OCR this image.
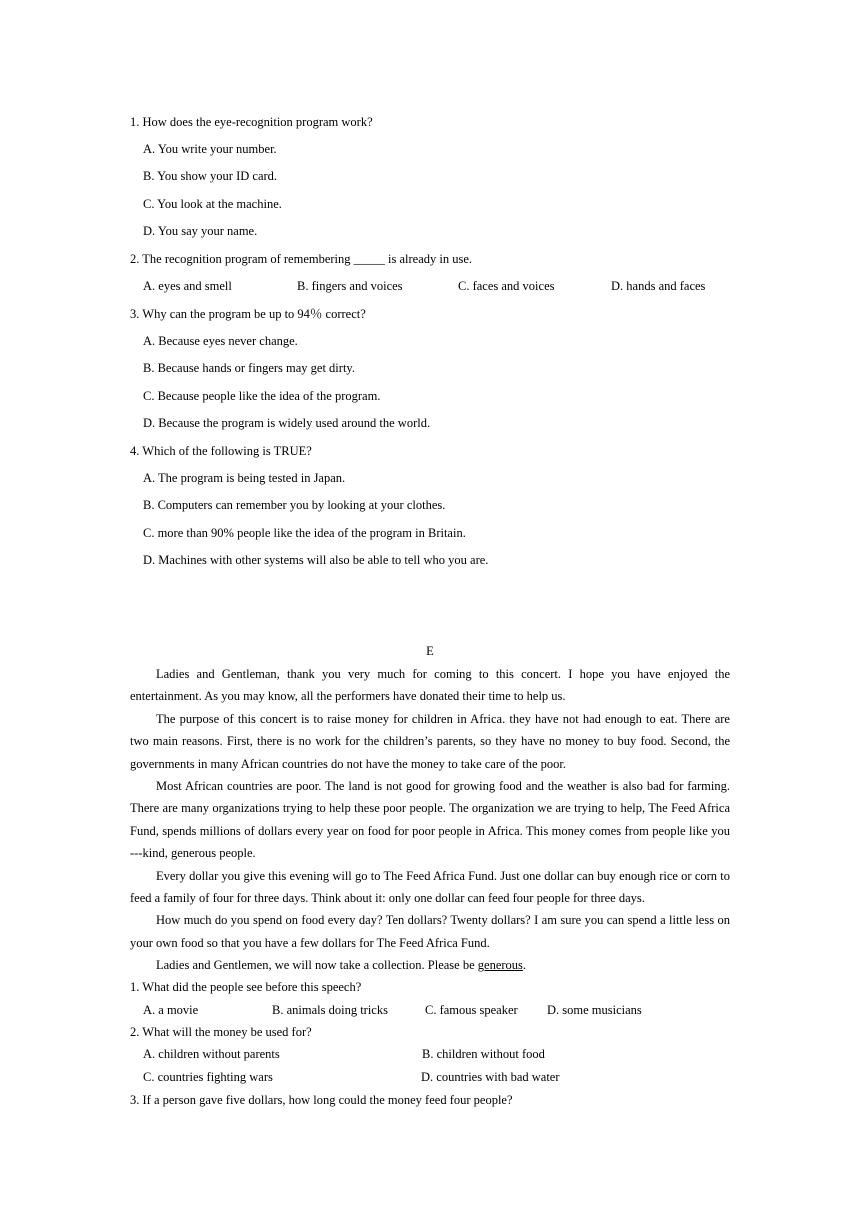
1. How does the eye-recognition program work?
A. You write your number.
B. You show your ID card.
C. You look at the machine.
D. You say your name.
2. The recognition program of remembering _____ is already in use.
A. eyes and smell	B. fingers and voices	C. faces and voices	D. hands and faces
3. Why can the program be up to 94％ correct?
A. Because eyes never change.
B. Because hands or fingers may get dirty.
C. Because people like the idea of the program.
D. Because the program is widely used around the world.
4. Which of the following is TRUE?
A. The program is being tested in Japan.
B. Computers can remember you by looking at your clothes.
C. more than 90% people like the idea of the program in Britain.
D. Machines with other systems will also be able to tell who you are.
E

Ladies and Gentleman, thank you very much for coming to this concert. I hope you have enjoyed the entertainment. As you may know, all the performers have donated their time to help us.

The purpose of this concert is to raise money for children in Africa. they have not had enough to eat. There are two main reasons. First, there is no work for the children’s parents, so they have no money to buy food. Second, the governments in many African countries do not have the money to take care of the poor.

Most African countries are poor. The land is not good for growing food and the weather is also bad for farming. There are many organizations trying to help these poor people. The organization we are trying to help, The Feed Africa Fund, spends millions of dollars every year on food for poor people in Africa. This money comes from people like you ---kind, generous people.

Every dollar you give this evening will go to The Feed Africa Fund. Just one dollar can buy enough rice or corn to feed a family of four for three days. Think about it: only one dollar can feed four people for three days.

How much do you spend on food every day? Ten dollars? Twenty dollars? I am sure you can spend a little less on your own food so that you have a few dollars for The Feed Africa Fund.

Ladies and Gentlemen, we will now take a collection. Please be generous.

1. What did the people see before this speech?
A. a movie	B. animals doing tricks	C. famous speaker D. some musicians
2. What will the money be used for?
A. children without parents	B. children without food
C. countries fighting wars	D. countries with bad water
3. If a person gave five dollars, how long could the money feed four people?
